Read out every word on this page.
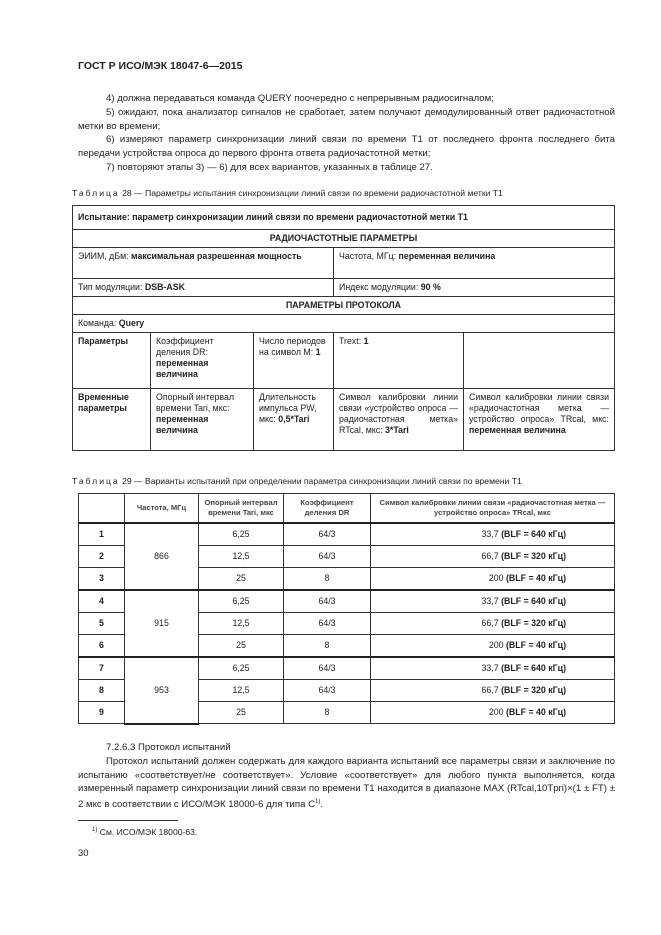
ГОСТ Р ИСО/МЭК 18047-6—2015
4) должна передаваться команда QUERY поочередно с непрерывным радиосигналом;
5) ожидают, пока анализатор сигналов не сработает, затем получают демодулированный ответ радиочастотной метки во времени;
6) измеряют параметр синхронизации линий связи по времени T1 от последнего фронта последнего бита передачи устройства опроса до первого фронта ответа радиочастотной метки;
7) повторяют этапы 3) — 6) для всех вариантов, указанных в таблице 27.
Таблица 28 — Параметры испытания синхронизации линий связи по времени радиочастотной метки T1
Испытание: параметр синхронизации линий связи по времени радиочастотной метки T1				
РАДИОЧАСТОТНЫЕ ПАРАМЕТРЫ				
ЭИИМ, дБм: максимальная разрешенная мощность			Частота, МГц: переменная величина	
Тип модуляции: DSB-ASK			Индекс модуляции: 90 %	
ПАРАМЕТРЫ ПРОТОКОЛА				
Команда: Query				
Параметры	Коэффициент деления DR: переменная величина	Число периодов на символ M: 1	Trext: 1	
Временные параметры	Опорный интервал времени Tari, мкс: переменная величина	Длительность импульса PW, мкс: 0,5*Tari	Символ калибровки линии связи «устройство опроса — радиочастотная метка» RTcal, мкс: 3*Tari	Символ калибровки линии связи «радиочастотная метка — устройство опроса» TRcal, мкс: переменная величина
Таблица 29 — Варианты испытаний при определении параметра синхронизации линий связи по времени T1
	Частота, МГц	Опорный интервал времени Tari, мкс	Коэффициент деления DR	Символ калибровки линии связи «радиочастотная метка — устройство опроса» TRcal, мкс
1	866	6,25	64/3	33,7 (BLF = 640 кГц)
2		12,5	64/3	66,7 (BLF = 320 кГц)
3		25	8	200 (BLF = 40 кГц)
4	915	6,25	64/3	33,7 (BLF = 640 кГц)
5		12,5	64/3	66,7 (BLF = 320 кГц)
6		25	8	200 (BLF = 40 кГц)
7	953	6,25	64/3	33,7 (BLF = 640 кГц)
8		12,5	64/3	66,7 (BLF = 320 кГц)
9		25	8	200 (BLF = 40 кГц)
7.2.6.3 Протокол испытаний
Протокол испытаний должен содержать для каждого варианта испытаний все параметры связи и заключение по испытанию «соответствует/не соответствует». Условие «соответствует» для любого пункта выполняется, когда измеренный параметр синхронизации линий связи по времени T1 находится в диапазоне MAX (RTcal,10Tpri)×(1 ± FT) ± 2 мкс в соответствии с ИСО/МЭК 18000-6 для типа $C^{1)}$.
$^{1)}$ См. ИСО/МЭК 18000-63.
30
